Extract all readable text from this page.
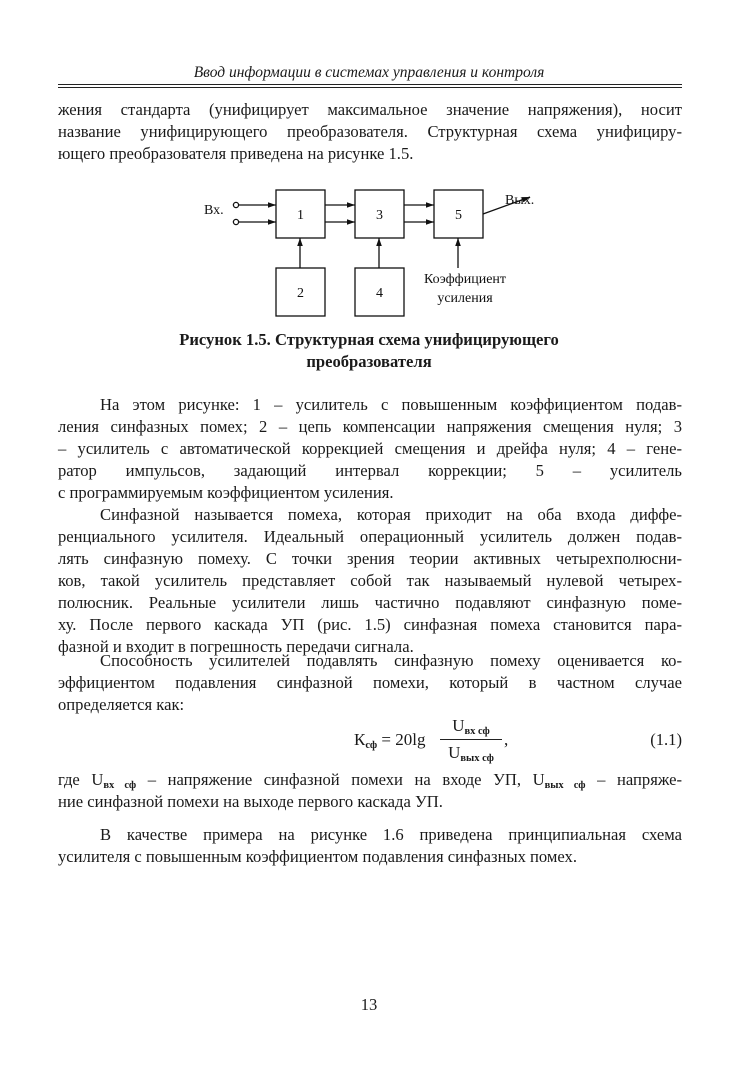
Ввод информации в системах управления и контроля
жения стандарта (унифицирует максимальное значение напряжения), носит
название унифицирующего преобразователя. Структурная схема унифициру-
ющего преобразователя приведена на рисунке 1.5.
Вх.
Вых.
1	3	5
2	4
Коэффициент
усиления
Рисунок 1.5. Структурная схема унифицирующего
преобразователя
На этом рисунке: 1 – усилитель с повышенным коэффициентом подав-
ления синфазных помех; 2 – цепь компенсации напряжения смещения нуля; 3
– усилитель с автоматической коррекцией смещения и дрейфа нуля; 4 – гене-
ратор импульсов, задающий интервал коррекции; 5 – усилитель
с программируемым коэффициентом усиления.
Синфазной называется помеха, которая приходит на оба входа диффе-
ренциального усилителя. Идеальный операционный усилитель должен подав-
лять синфазную помеху. С точки зрения теории активных четырехполюсни-
ков, такой усилитель представляет собой так называемый нулевой четырех-
полюсник. Реальные усилители лишь частично подавляют синфазную поме-
ху. После первого каскада УП (рис. 1.5) синфазная помеха становится пара-
фазной и входит в погрешность передачи сигнала.
Способность усилителей подавлять синфазную помеху оценивается ко-
эффициентом подавления синфазной помехи, который в частном случае
определяется как:
$К_{сф} = 20\lg$
$U_{вх сф}$
$U_{вых сф}$
,	(1.1)
где $U_{вх сф}$ – напряжение синфазной помехи на входе УП, $U_{вых сф}$ – напряже-
ние синфазной помехи на выходе первого каскада УП.
В качестве примера на рисунке 1.6 приведена принципиальная схема
усилителя с повышенным коэффициентом подавления синфазных помех.
13
